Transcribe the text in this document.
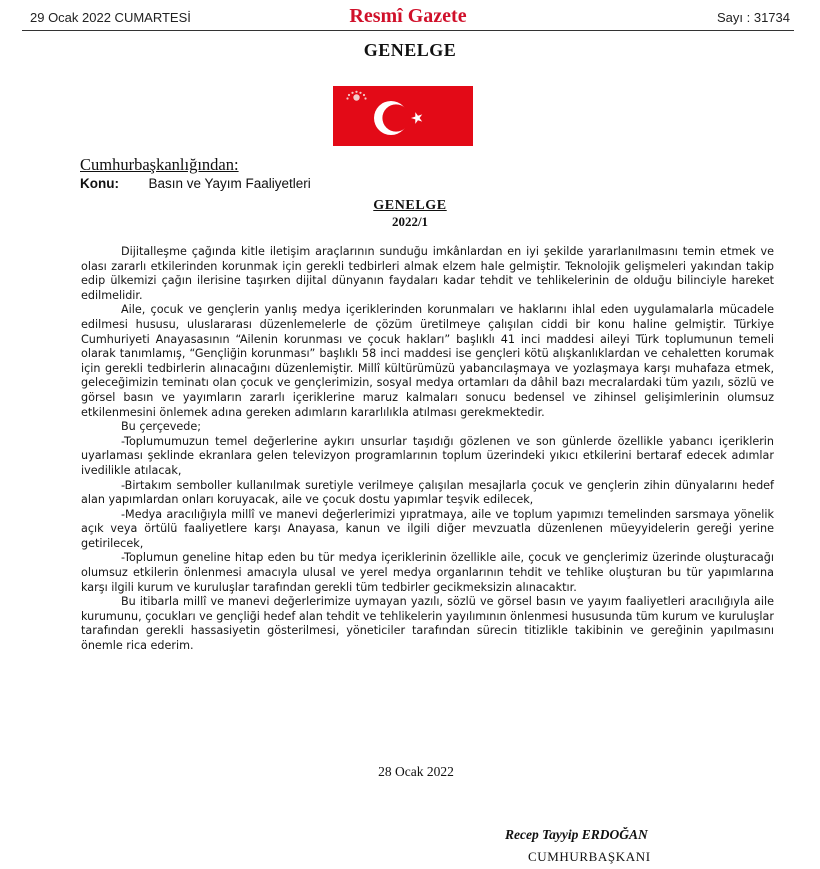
29 Ocak 2022 CUMARTESİ	Resmî Gazete	Sayı : 31734
GENELGE
Cumhurbaşkanlığından:
Konu: Basın ve Yayım Faaliyetleri
GENELGE
2022/1

Dijitalleşme çağında kitle iletişim araçlarının sunduğu imkânlardan en iyi şekilde yararlanılmasını temin etmek ve olası zararlı etkilerinden korunmak için gerekli tedbirleri almak elzem hale gelmiştir. Teknolojik gelişmeleri yakından takip edip ülkemizi çağın ilerisine taşırken dijital dünyanın faydaları kadar tehdit ve tehlikelerinin de olduğu bilinciyle hareket edilmelidir.

Aile, çocuk ve gençlerin yanlış medya içeriklerinden korunmaları ve haklarını ihlal eden uygulamalarla mücadele edilmesi hususu, uluslararası düzenlemelerle de çözüm üretilmeye çalışılan ciddi bir konu haline gelmiştir. Türkiye Cumhuriyeti Anayasasının “Ailenin korunması ve çocuk hakları” başlıklı 41 inci maddesi aileyi Türk toplumunun temeli olarak tanımlamış, “Gençliğin korunması” başlıklı 58 inci maddesi ise gençleri kötü alışkanlıklardan ve cehaletten korumak için gerekli tedbirlerin alınacağını düzenlemiştir. Millî kültürümüzü yabancılaşmaya ve yozlaşmaya karşı muhafaza etmek, geleceğimizin teminatı olan çocuk ve gençlerimizin, sosyal medya ortamları da dâhil bazı mecralardaki tüm yazılı, sözlü ve görsel basın ve yayımların zararlı içeriklerine maruz kalmaları sonucu bedensel ve zihinsel gelişimlerinin olumsuz etkilenmesini önlemek adına gereken adımların kararlılıkla atılması gerekmektedir.

Bu çerçevede;

-Toplumumuzun temel değerlerine aykırı unsurlar taşıdığı gözlenen ve son günlerde özellikle yabancı içeriklerin uyarlaması şeklinde ekranlara gelen televizyon programlarının toplum üzerindeki yıkıcı etkilerini bertaraf edecek adımlar ivedilikle atılacak,

-Birtakım semboller kullanılmak suretiyle verilmeye çalışılan mesajlarla çocuk ve gençlerin zihin dünyalarını hedef alan yapımlardan onları koruyacak, aile ve çocuk dostu yapımlar teşvik edilecek,

-Medya aracılığıyla millî ve manevi değerlerimizi yıpratmaya, aile ve toplum yapımızı temelinden sarsmaya yönelik açık veya örtülü faaliyetlere karşı Anayasa, kanun ve ilgili diğer mevzuatla düzenlenen müeyyidelerin gereği yerine getirilecek,

-Toplumun geneline hitap eden bu tür medya içeriklerinin özellikle aile, çocuk ve gençlerimiz üzerinde oluşturacağı olumsuz etkilerin önlenmesi amacıyla ulusal ve yerel medya organlarının tehdit ve tehlike oluşturan bu tür yapımlarına karşı ilgili kurum ve kuruluşlar tarafından gerekli tüm tedbirler gecikmeksizin alınacaktır.

Bu itibarla millî ve manevi değerlerimize uymayan yazılı, sözlü ve görsel basın ve yayım faaliyetleri aracılığıyla aile kurumunu, çocukları ve gençliği hedef alan tehdit ve tehlikelerin yayılımının önlenmesi hususunda tüm kurum ve kuruluşlar tarafından gerekli hassasiyetin gösterilmesi, yöneticiler tarafından sürecin titizlikle takibinin ve gereğinin yapılmasını önemle rica ederim.

28 Ocak 2022
Recep Tayyip ERDOĞAN
CUMHURBAŞKANI
